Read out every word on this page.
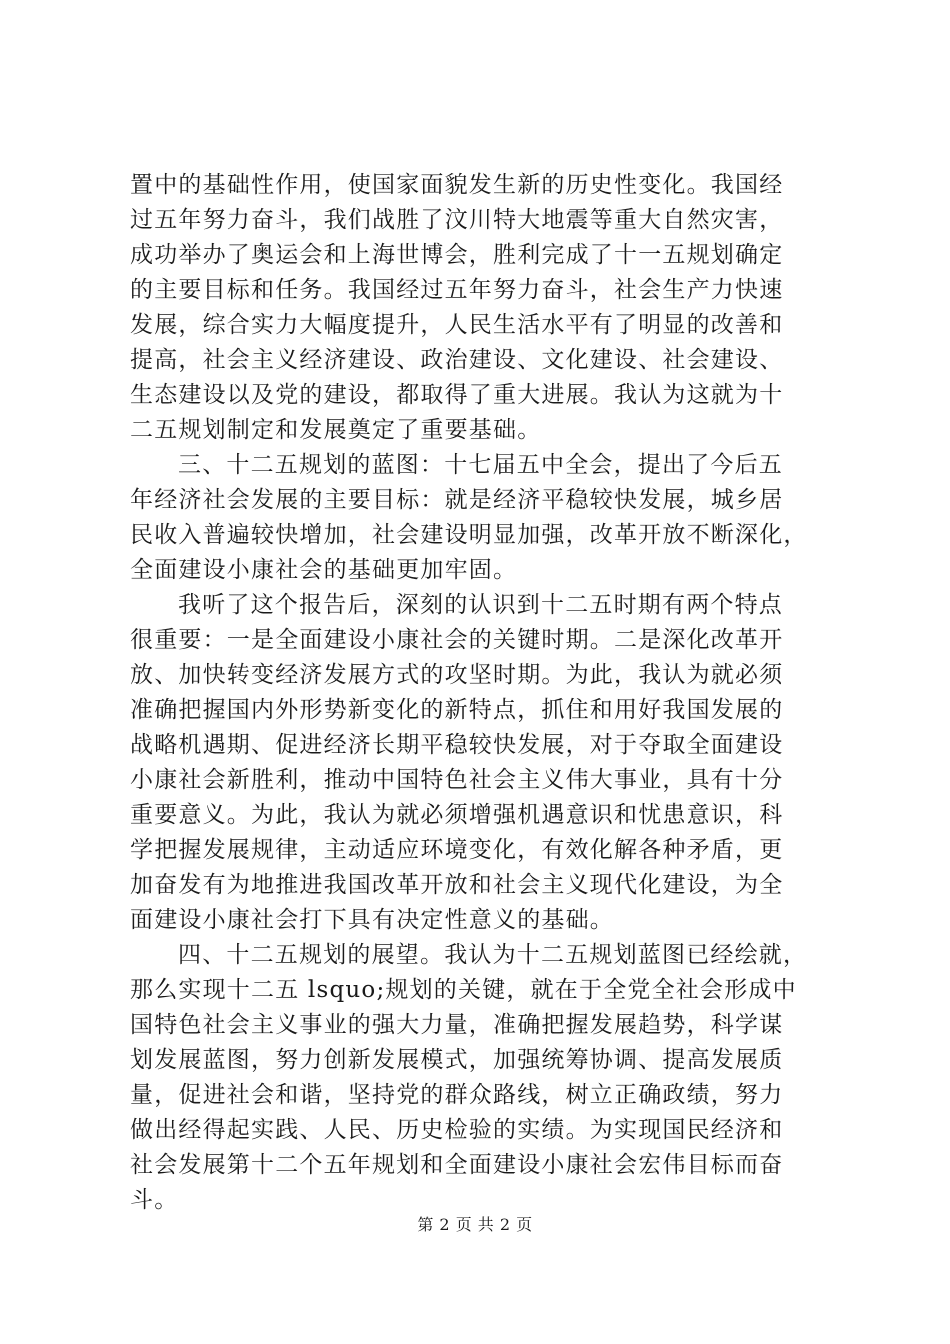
置中的基础性作用，使国家面貌发生新的历史性变化。我国经
过五年努力奋斗，我们战胜了汶川特大地震等重大自然灾害，
成功举办了奥运会和上海世博会，胜利完成了十一五规划确定
的主要目标和任务。我国经过五年努力奋斗，社会生产力快速
发展，综合实力大幅度提升，人民生活水平有了明显的改善和
提高，社会主义经济建设、政治建设、文化建设、社会建设、
生态建设以及党的建设，都取得了重大进展。我认为这就为十
二五规划制定和发展奠定了重要基础。
三、十二五规划的蓝图：十七届五中全会，提出了今后五
年经济社会发展的主要目标：就是经济平稳较快发展，城乡居
民收入普遍较快增加，社会建设明显加强，改革开放不断深化，
全面建设小康社会的基础更加牢固。
我听了这个报告后，深刻的认识到十二五时期有两个特点
很重要：一是全面建设小康社会的关键时期。二是深化改革开
放、加快转变经济发展方式的攻坚时期。为此，我认为就必须
准确把握国内外形势新变化的新特点，抓住和用好我国发展的
战略机遇期、促进经济长期平稳较快发展，对于夺取全面建设
小康社会新胜利，推动中国特色社会主义伟大事业，具有十分
重要意义。为此，我认为就必须增强机遇意识和忧患意识，科
学把握发展规律，主动适应环境变化，有效化解各种矛盾，更
加奋发有为地推进我国改革开放和社会主义现代化建设，为全
面建设小康社会打下具有决定性意义的基础。
四、十二五规划的展望。我认为十二五规划蓝图已经绘就，
那么实现十二五 lsquo;规划的关键，就在于全党全社会形成中
国特色社会主义事业的强大力量，准确把握发展趋势，科学谋
划发展蓝图，努力创新发展模式，加强统筹协调、提高发展质
量，促进社会和谐，坚持党的群众路线，树立正确政绩，努力
做出经得起实践、人民、历史检验的实绩。为实现国民经济和
社会发展第十二个五年规划和全面建设小康社会宏伟目标而奋
斗。
第 2 页 共 2 页
